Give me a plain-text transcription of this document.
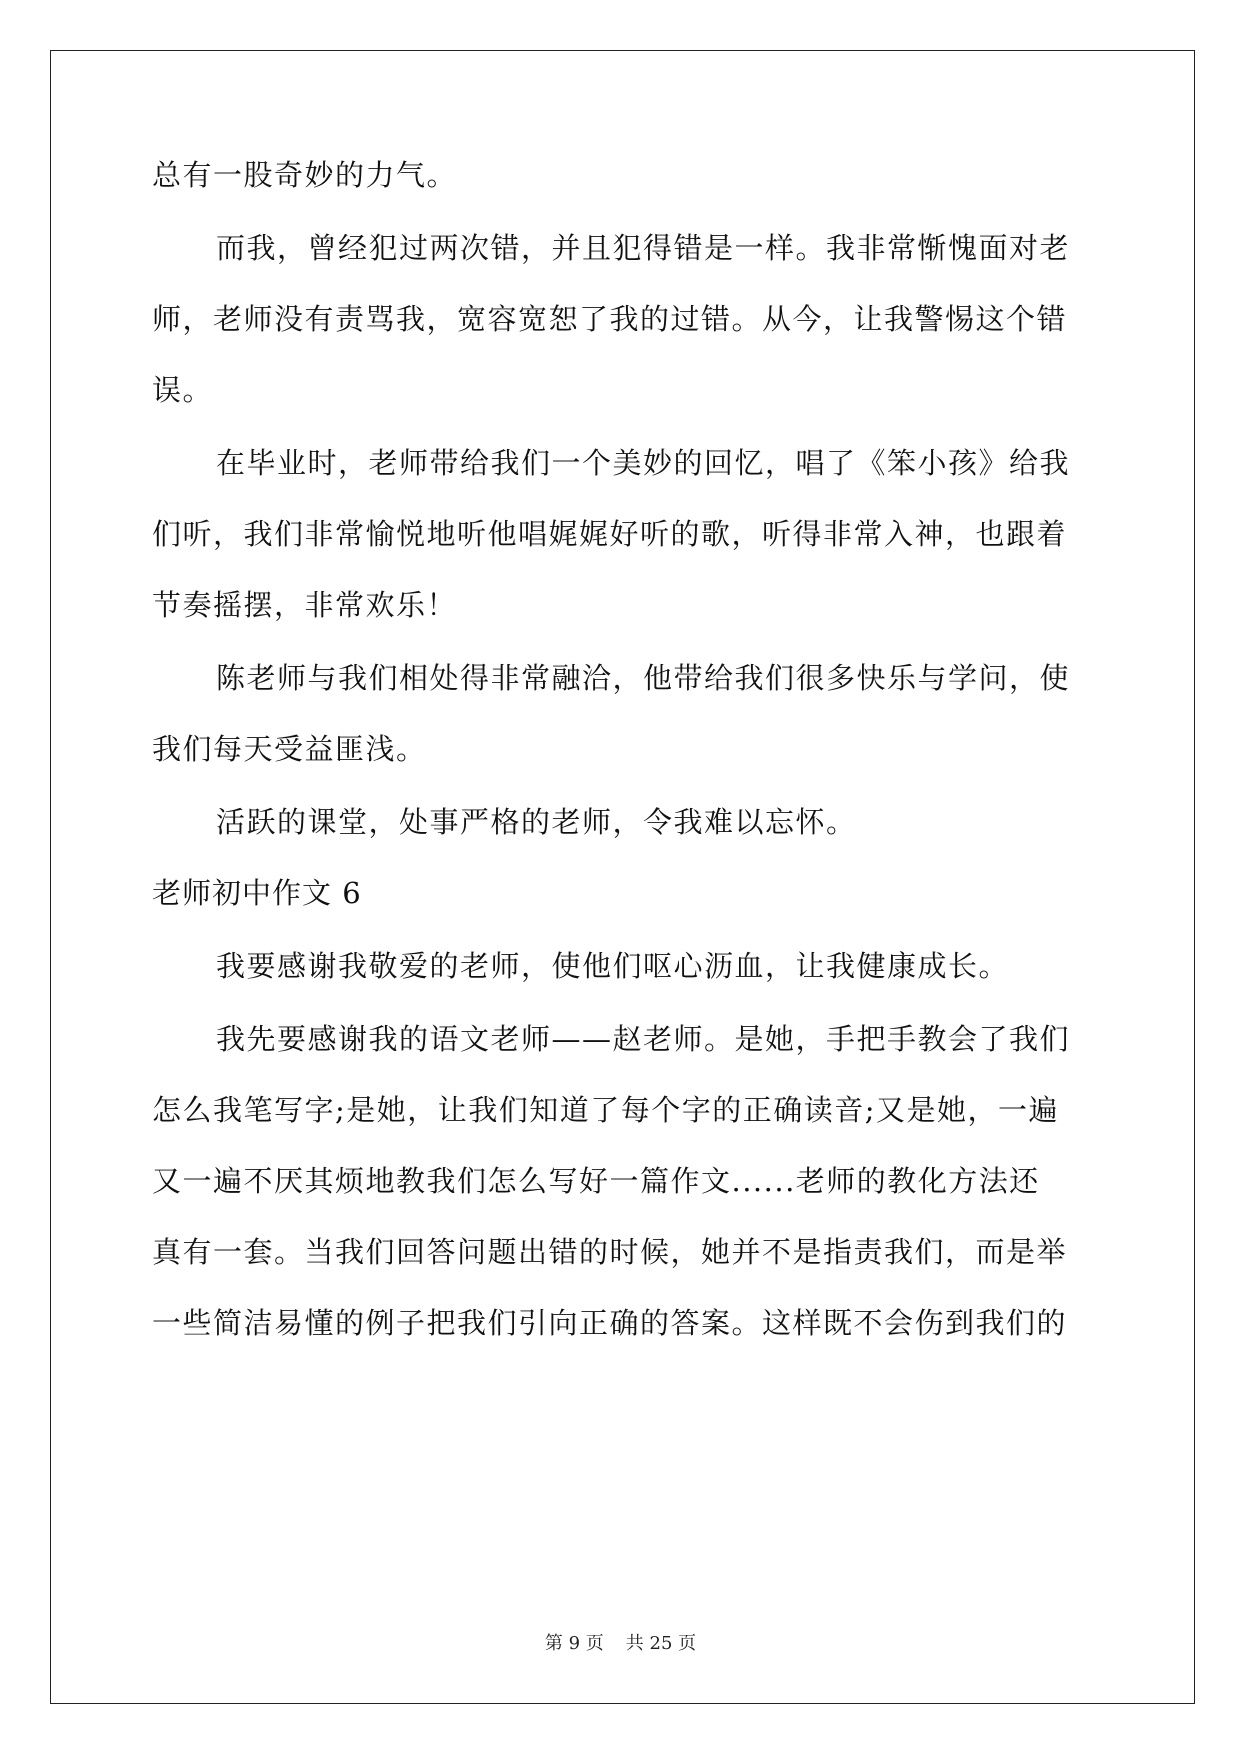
总有一股奇妙的力气。
而我，曾经犯过两次错，并且犯得错是一样。我非常惭愧面对老
师，老师没有责骂我，宽容宽恕了我的过错。从今，让我警惕这个错
误。
在毕业时，老师带给我们一个美妙的回忆，唱了《笨小孩》给我
们听，我们非常愉悦地听他唱娓娓好听的歌，听得非常入神，也跟着
节奏摇摆，非常欢乐！
陈老师与我们相处得非常融洽，他带给我们很多快乐与学问，使
我们每天受益匪浅。
活跃的课堂，处事严格的老师，令我难以忘怀。
老师初中作文 6
我要感谢我敬爱的老师，使他们呕心沥血，让我健康成长。
我先要感谢我的语文老师——赵老师。是她，手把手教会了我们
怎么我笔写字;是她，让我们知道了每个字的正确读音;又是她，一遍
又一遍不厌其烦地教我们怎么写好一篇作文......老师的教化方法还
真有一套。当我们回答问题出错的时候，她并不是指责我们，而是举
一些简洁易懂的例子把我们引向正确的答案。这样既不会伤到我们的
第 9 页 共 25 页
